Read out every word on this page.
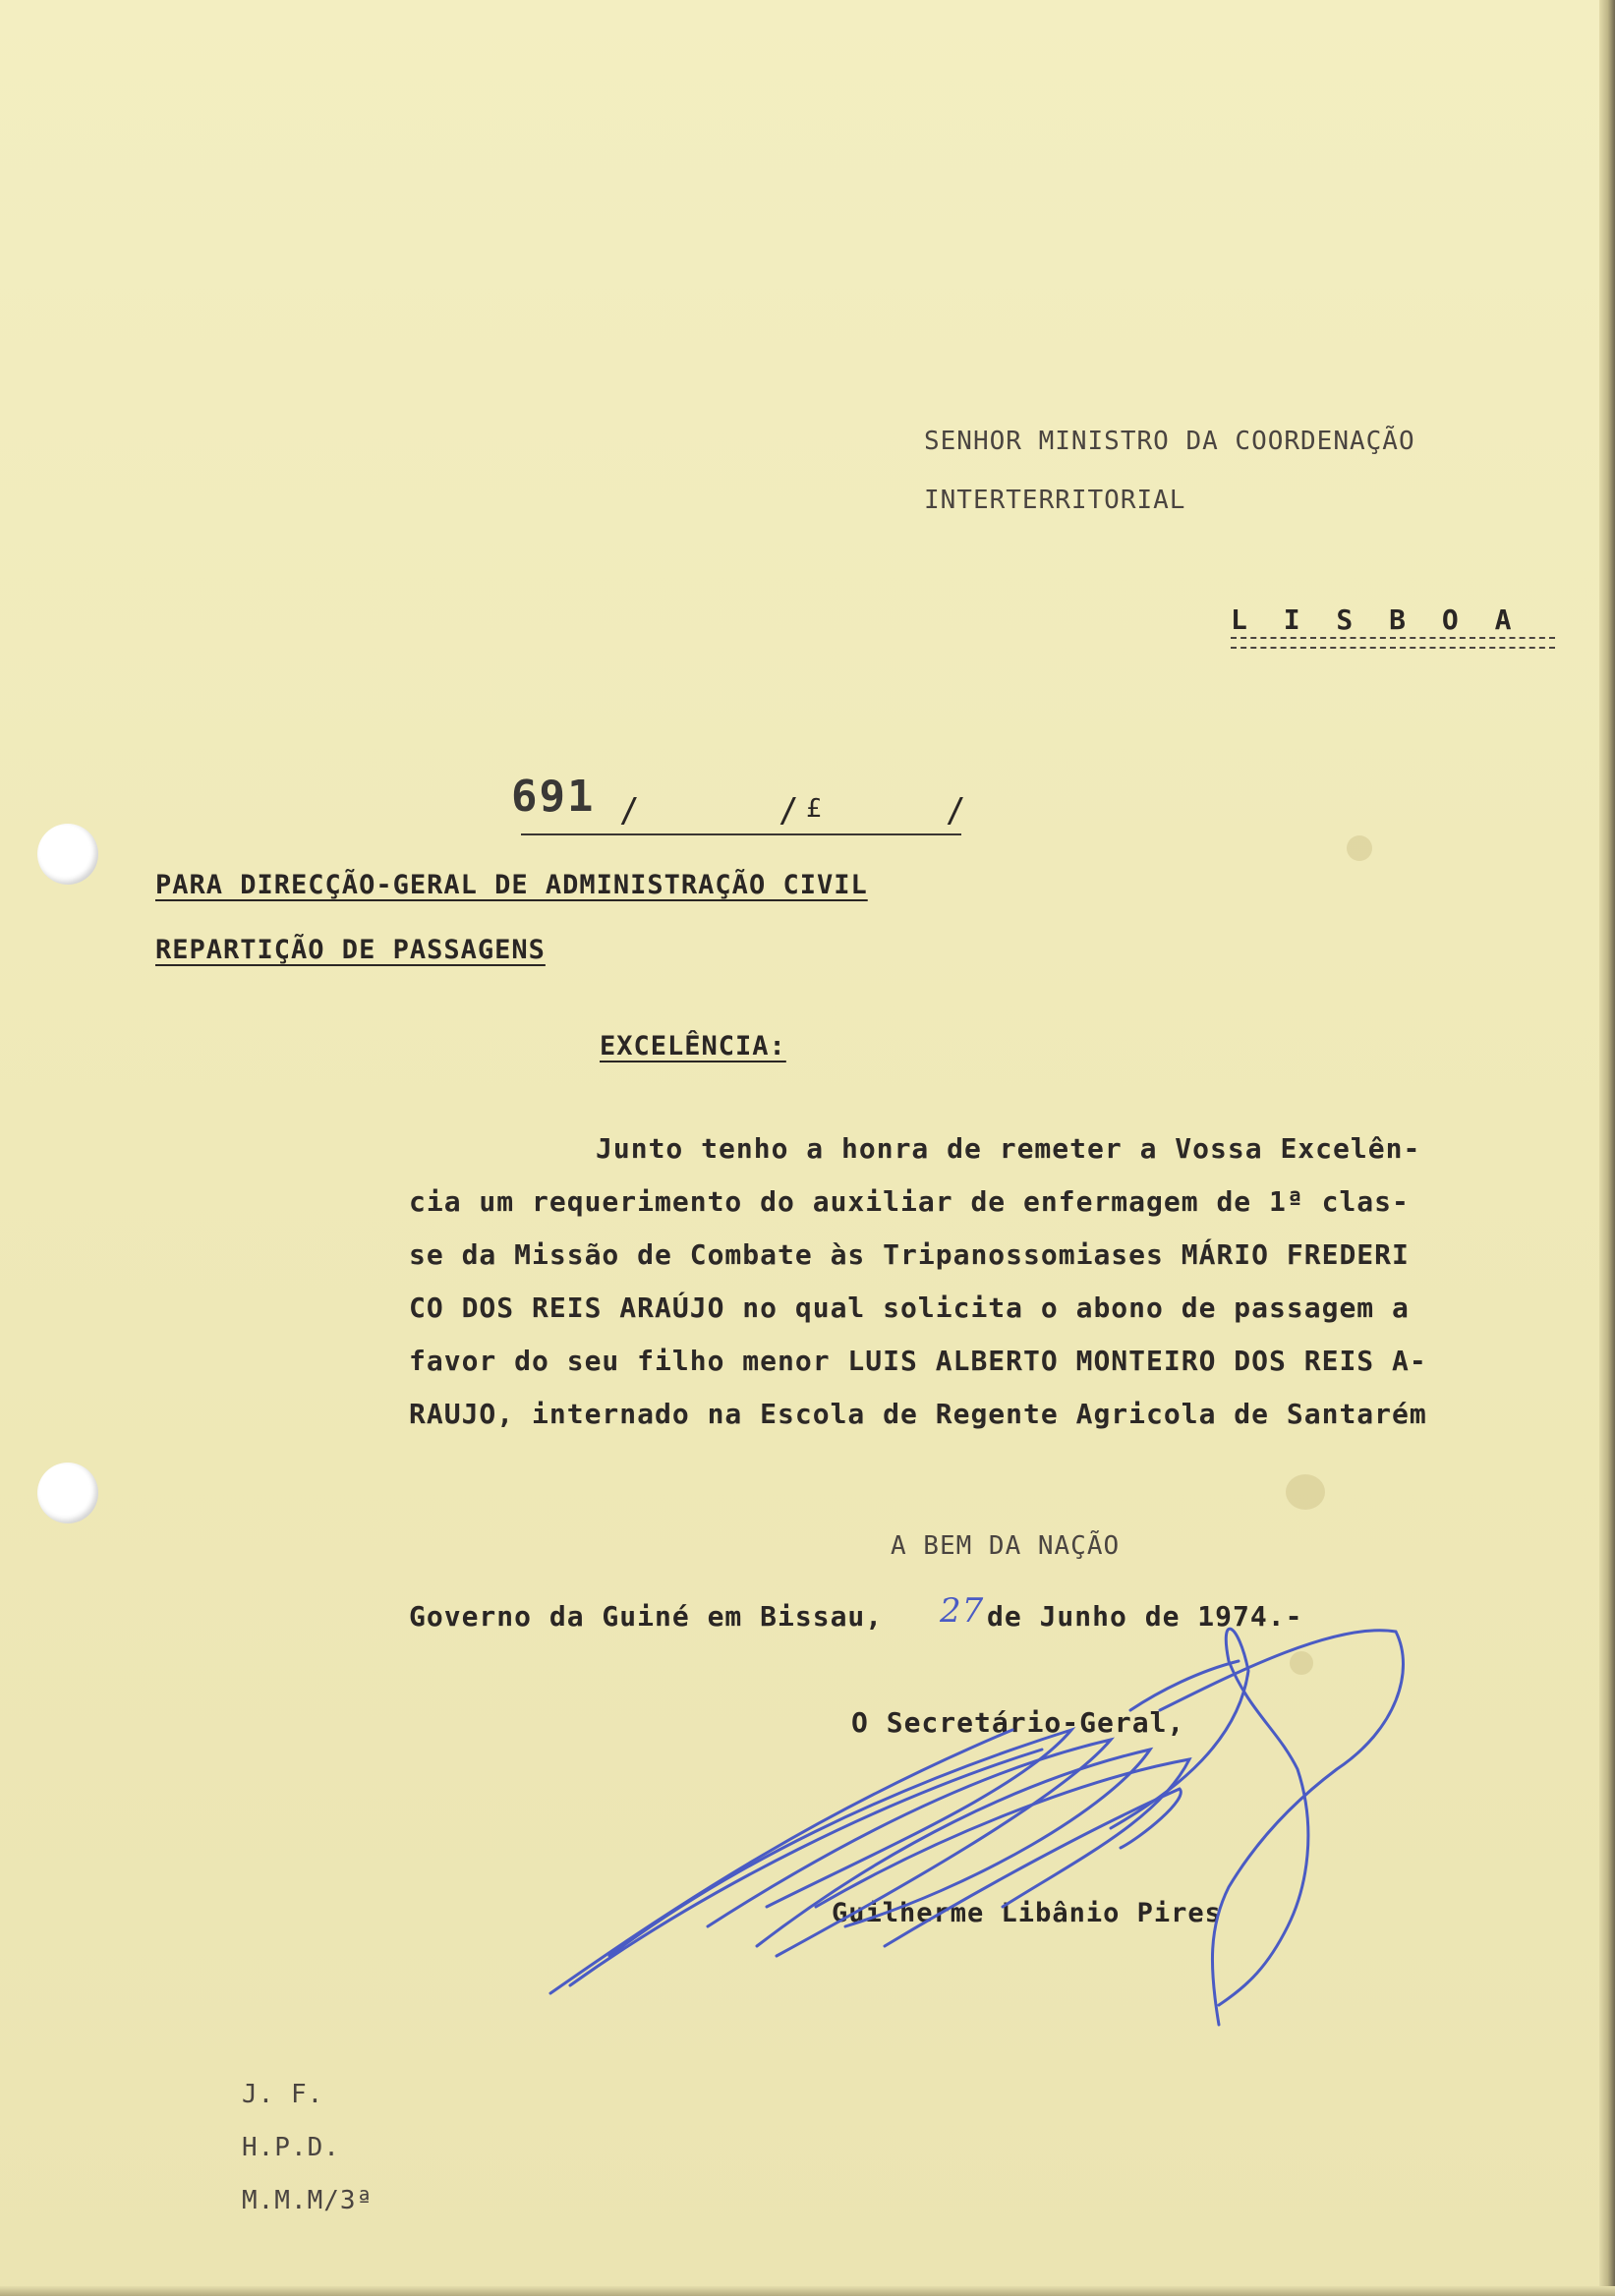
SENHOR MINISTRO DA COORDENAÇÃO
INTERTERRITORIAL
L I S B O A
691 /	/ £	/
PARA DIRECÇÃO-GERAL DE ADMINISTRAÇÃO CIVIL
REPARTIÇÃO DE PASSAGENS
EXCELÊNCIA:
Junto tenho a honra de remeter a Vossa Excelên-
cia um requerimento do auxiliar de enfermagem de 1ª clas-
se da Missão de Combate às Tripanossomiases MÁRIO FREDERI
CO DOS REIS ARAÚJO no qual solicita o abono de passagem a
favor do seu filho menor LUIS ALBERTO MONTEIRO DOS REIS A-
RAUJO, internado na Escola de Regente Agricola de Santarém
A BEM DA NAÇÃO
Governo da Guiné em Bissau, 27 de Junho de 1974.-
O Secretário-Geral,
Guilherme Libânio Pires
J. F.
H.P.D.
M.M.M/3ª
